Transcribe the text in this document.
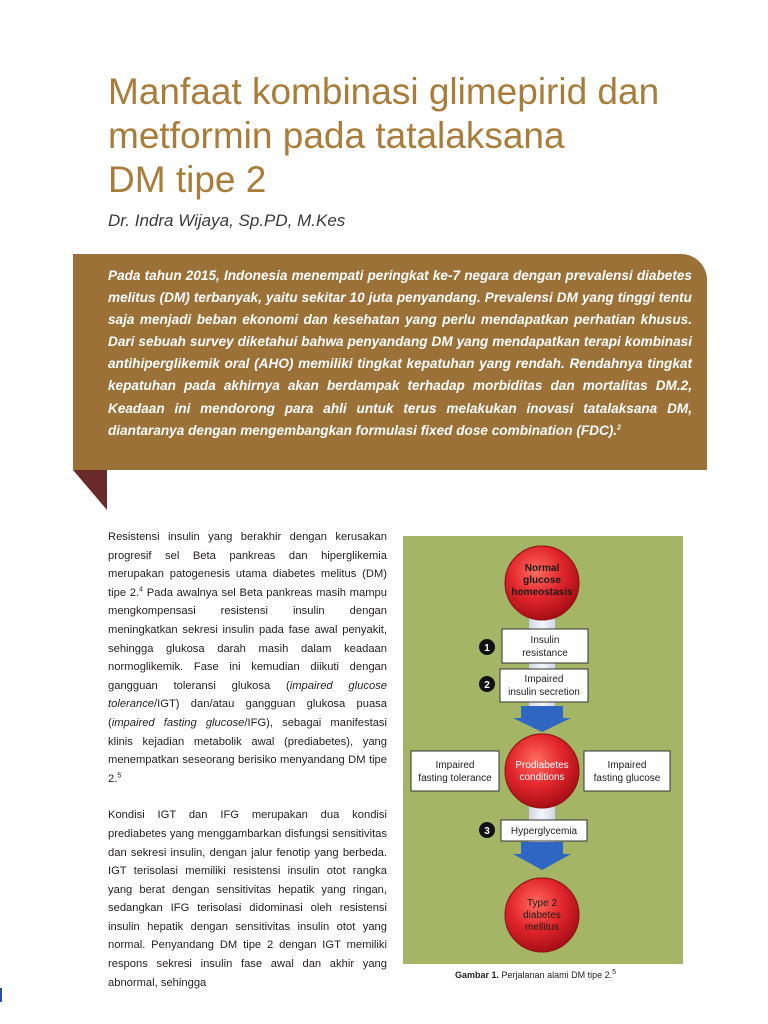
Manfaat kombinasi glimepirid dan
metformin pada tatalaksana
DM tipe 2
Dr. Indra Wijaya, Sp.PD, M.Kes

Pada tahun 2015, Indonesia menempati peringkat ke-7 negara dengan prevalensi diabetes melitus (DM) terbanyak, yaitu sekitar 10 juta penyandang. Prevalensi DM yang tinggi tentu saja menjadi beban ekonomi dan kesehatan yang perlu mendapatkan perhatian khusus. Dari sebuah survey diketahui bahwa penyandang DM yang mendapatkan terapi kombinasi antihiperglikemik oral (AHO) memiliki tingkat kepatuhan yang rendah. Rendahnya tingkat kepatuhan pada akhirnya akan berdampak terhadap morbiditas dan mortalitas DM.2, Keadaan ini mendorong para ahli untuk terus melakukan inovasi tatalaksana DM, diantaranya dengan mengembangkan formulasi fixed dose combination (FDC).$^2$

Resistensi insulin yang berakhir dengan kerusakan progresif sel Beta pankreas dan hiperglikemia merupakan patogenesis utama diabetes melitus (DM) tipe 2.$^4$ Pada awalnya sel Beta pankreas masih mampu mengkompensasi resistensi insulin dengan meningkatkan sekresi insulin pada fase awal penyakit, sehingga glukosa darah masih dalam keadaan normoglikemik. Fase ini kemudian diikuti dengan gangguan toleransi glukosa (impaired glucose tolerance/IGT) dan/atau gangguan glukosa puasa (impaired fasting glucose/IFG), sebagai manifestasi klinis kejadian metabolik awal (prediabetes), yang menempatkan seseorang berisiko menyandang DM tipe 2.$^5$

Kondisi IGT dan IFG merupakan dua kondisi prediabetes yang menggambarkan disfungsi sensitivitas dan sekresi insulin, dengan jalur fenotip yang berbeda. IGT terisolasi memiliki resistensi insulin otot rangka yang berat dengan sensitivitas hepatik yang ringan, sedangkan IFG terisolasi didominasi oleh resistensi insulin hepatik dengan sensitivitas insulin otot yang normal. Penyandang DM tipe 2 dengan IGT memiliki respons sekresi insulin fase awal dan akhir yang abnormal, sehingga

Normal
glucose
homeostasis
1
Insulin
resistance
2
Impaired
insulin secretion
Impaired
fasting tolerance
Impaired
fasting glucose
Prodiabetes
conditions
3 Hyperglycemia
Type 2
diabetes
mellitus
Gambar 1. Perjalanan alami DM tipe 2.$^5$
